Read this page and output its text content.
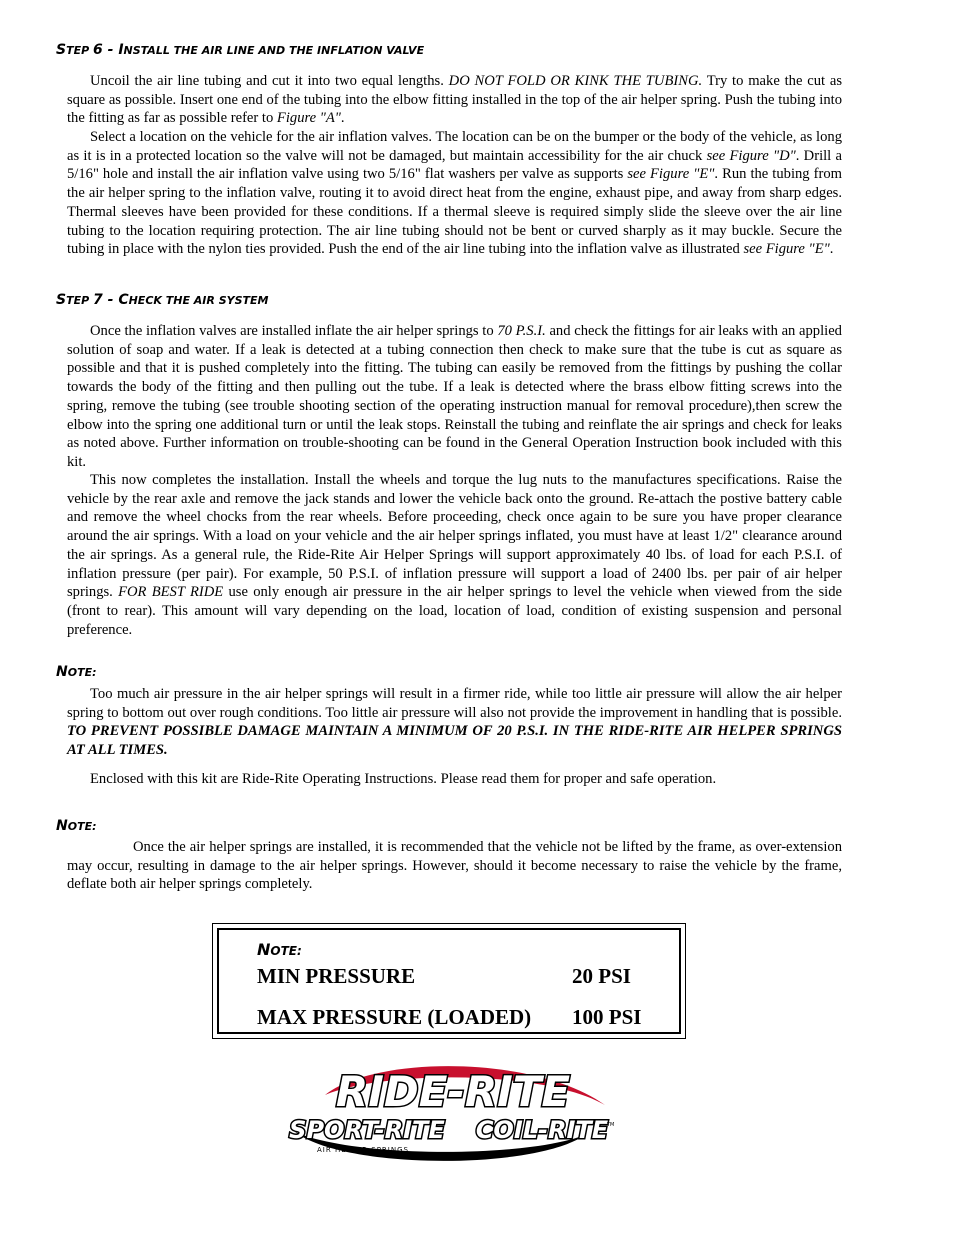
STEP 6 - INSTALL THE AIR LINE AND THE INFLATION VALVE

Uncoil the air line tubing and cut it into two equal lengths. DO NOT FOLD OR KINK THE TUBING. Try to make the cut as square as possible. Insert one end of the tubing into the elbow fitting installed in the top of the air helper spring. Push the tubing into the fitting as far as possible refer to Figure "A".

Select a location on the vehicle for the air inflation valves. The location can be on the bumper or the body of the vehicle, as long as it is in a protected location so the valve will not be damaged, but maintain accessibility for the air chuck see Figure "D". Drill a 5/16" hole and install the air inflation valve using two 5/16" flat washers per valve as supports see Figure "E". Run the tubing from the air helper spring to the inflation valve, routing it to avoid direct heat from the engine, exhaust pipe, and away from sharp edges. Thermal sleeves have been provided for these conditions. If a thermal sleeve is required simply slide the sleeve over the air line tubing to the location requiring protection. The air line tubing should not be bent or curved sharply as it may buckle. Secure the tubing in place with the nylon ties provided. Push the end of the air line tubing into the inflation valve as illustrated see Figure "E".

STEP 7 - CHECK THE AIR SYSTEM

Once the inflation valves are installed inflate the air helper springs to 70 P.S.I. and check the fittings for air leaks with an applied solution of soap and water. If a leak is detected at a tubing connection then check to make sure that the tube is cut as square as possible and that it is pushed completely into the fitting. The tubing can easily be removed from the fittings by pushing the collar towards the body of the fitting and then pulling out the tube. If a leak is detected where the brass elbow fitting screws into the spring, remove the tubing (see trouble shooting section of the operating instruction manual for removal procedure),then screw the elbow into the spring one additional turn or until the leak stops. Reinstall the tubing and reinflate the air springs and check for leaks as noted above. Further information on trouble-shooting can be found in the General Operation Instruction book included with this kit.

This now completes the installation. Install the wheels and torque the lug nuts to the manufactures specifications. Raise the vehicle by the rear axle and remove the jack stands and lower the vehicle back onto the ground. Re-attach the postive battery cable and remove the wheel chocks from the rear wheels. Before proceeding, check once again to be sure you have proper clearance around the air springs. With a load on your vehicle and the air helper springs inflated, you must have at least 1/2" clearance around the air springs. As a general rule, the Ride-Rite Air Helper Springs will support approximately 40 lbs. of load for each P.S.I. of inflation pressure (per pair). For example, 50 P.S.I. of inflation pressure will support a load of 2400 lbs. per pair of air helper springs. FOR BEST RIDE use only enough air pressure in the air helper springs to level the vehicle when viewed from the side (front to rear). This amount will vary depending on the load, location of load, condition of existing suspension and personal preference.

NOTE:

Too much air pressure in the air helper springs will result in a firmer ride, while too little air pressure will allow the air helper spring to bottom out over rough conditions. Too little air pressure will also not provide the improvement in handling that is possible. TO PREVENT POSSIBLE DAMAGE MAINTAIN A MINIMUM OF 20 P.S.I. IN THE RIDE-RITE AIR HELPER SPRINGS AT ALL TIMES.

Enclosed with this kit are Ride-Rite Operating Instructions. Please read them for proper and safe operation.

NOTE:

Once the air helper springs are installed, it is recommended that the vehicle not be lifted by the frame, as over-extension may occur, resulting in damage to the air helper springs. However, should it become necessary to raise the vehicle by the frame, deflate both air helper springs completely.

NOTE:
MIN PRESSURE	20 PSI
MAX PRESSURE (LOADED) 100 PSI
RIDE-RITE
SPORT-RITE COIL-RITE
TM
AIR HELPER SPRINGS
